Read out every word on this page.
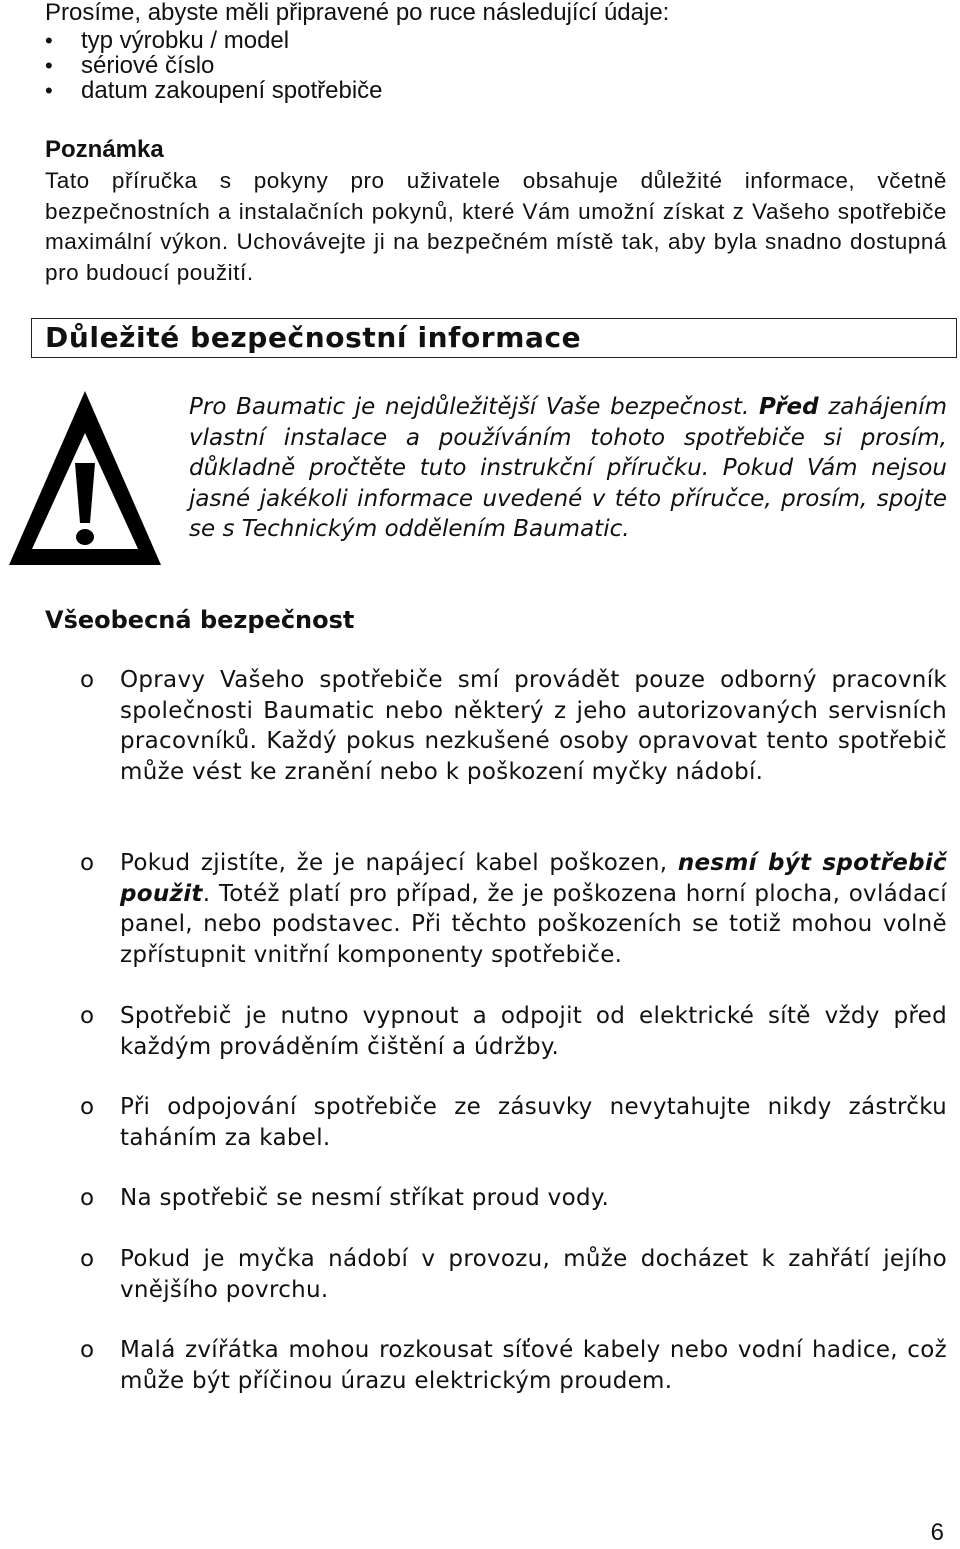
Prosíme, abyste měli připravené po ruce následující údaje:
• typ výrobku / model
• sériové číslo
• datum zakoupení spotřebiče
Poznámka
Tato příručka s pokyny pro uživatele obsahuje důležité informace, včetně bezpečnostních a instalačních pokynů, které Vám umožní získat z Vašeho spotřebiče maximální výkon. Uchovávejte ji na bezpečném místě tak, aby byla snadno dostupná pro budoucí použití.
Důležité bezpečnostní informace
Pro Baumatic je nejdůležitější Vaše bezpečnost. Před zahájením vlastní instalace a používáním tohoto spotřebiče si prosím, důkladně pročtěte tuto instrukční příručku. Pokud Vám nejsou jasné jakékoli informace uvedené v této příručce, prosím, spojte se s Technickým oddělením Baumatic.
Všeobecná bezpečnost
o Opravy Vašeho spotřebiče smí provádět pouze odborný pracovník společnosti Baumatic nebo některý z jeho autorizovaných servisních pracovníků. Každý pokus nezkušené osoby opravovat tento spotřebič může vést ke zranění nebo k poškození myčky nádobí.
o Pokud zjistíte, že je napájecí kabel poškozen, nesmí být spotřebič použit. Totéž platí pro případ, že je poškozena horní plocha, ovládací panel, nebo podstavec. Při těchto poškozeních se totiž mohou volně zpřístupnit vnitřní komponenty spotřebiče.
o Spotřebič je nutno vypnout a odpojit od elektrické sítě vždy před každým prováděním čištění a údržby.
o Při odpojování spotřebiče ze zásuvky nevytahujte nikdy zástrčku taháním za kabel.
o Na spotřebič se nesmí stříkat proud vody.
o Pokud je myčka nádobí v provozu, může docházet k zahřátí jejího vnějšího povrchu.
o Malá zvířátka mohou rozkousat síťové kabely nebo vodní hadice, což může být příčinou úrazu elektrickým proudem.
6
